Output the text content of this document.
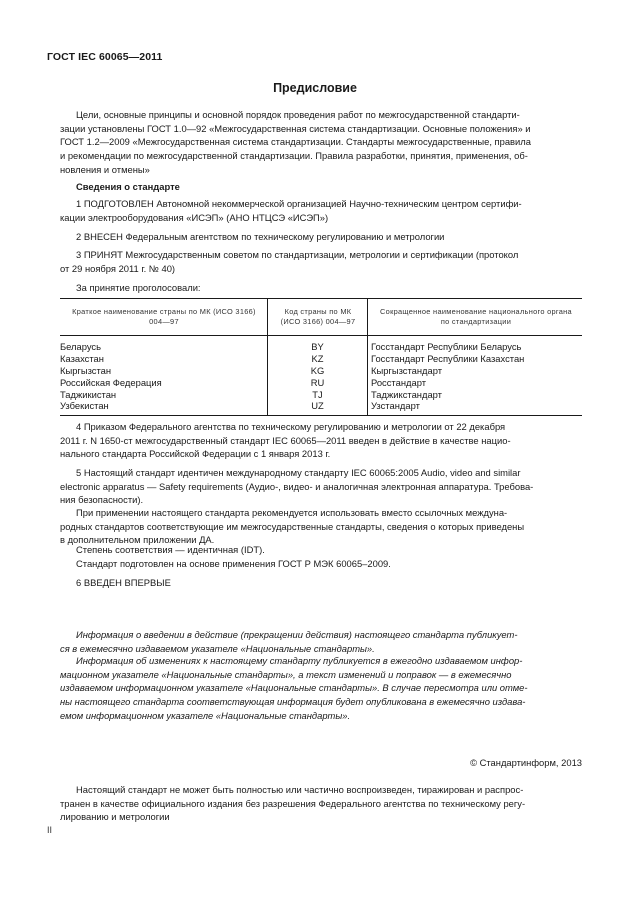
ГОСТ IEC 60065—2011
Предисловие
Цели, основные принципы и основной порядок проведения работ по межгосударственной стандарти-
зации установлены ГОСТ 1.0—92 «Межгосударственная система стандартизации. Основные положения» и
ГОСТ 1.2—2009 «Межгосударственная система стандартизации. Стандарты межгосударственные, правила
и рекомендации по межгосударственной стандартизации. Правила разработки, принятия, применения, об-
новления и отмены»
Сведения о стандарте
1 ПОДГОТОВЛЕН Автономной некоммерческой организацией Научно-техническим центром сертифи-
кации электрооборудования «ИСЭП» (АНО НТЦСЭ «ИСЭП»)
2 ВНЕСЕН Федеральным агентством по техническому регулированию и метрологии
3 ПРИНЯТ Межгосударственным советом по стандартизации, метрологии и сертификации (протокол
от 29 ноября 2011 г. № 40)
За принятие проголосовали:
Краткое наименование страны по МК (ИСО 3166) 004—97
Код страны по МК (ИСО 3166) 004—97
Сокращенное наименование национального органа по стандартизации
Беларусь
Казахстан
Кыргызстан
Российская Федерация
Таджикистан
Узбекистан
BY
KZ
KG
RU
TJ
UZ
Госстандарт Республики Беларусь
Госстандарт Республики Казахстан
Кыргызстандарт
Росстандарт
Таджикстандарт
Узстандарт
4 Приказом Федерального агентства по техническому регулированию и метрологии от 22 декабря
2011 г. N 1650-ст межгосударственный стандарт IEC 60065—2011 введен в действие в качестве нацио-
нального стандарта Российской Федерации с 1 января 2013 г.
5 Настоящий стандарт идентичен международному стандарту IEC 60065:2005 Audio, video and similar
electronic apparatus — Safety requirements (Аудио-, видео- и аналогичная электронная аппаратура. Требова-
ния безопасности).
При применении настоящего стандарта рекомендуется использовать вместо ссылочных междуна-
родных стандартов соответствующие им межгосударственные стандарты, сведения о которых приведены
в дополнительном приложении ДА.
Степень соответствия — идентичная (IDT).
Стандарт подготовлен на основе применения ГОСТ Р МЭК 60065–2009.
6 ВВЕДЕН ВПЕРВЫЕ
Информация о введении в действие (прекращении действия) настоящего стандарта публикует-
ся в ежемесячно издаваемом указателе «Национальные стандарты».
Информация об изменениях к настоящему стандарту публикуется в ежегодно издаваемом инфор-
мационном указателе «Национальные стандарты», а текст изменений и поправок — в ежемесячно
издаваемом информационном указателе «Национальные стандарты». В случае пересмотра или отме-
ны настоящего стандарта соответствующая информация будет опубликована в ежемесячно издава-
емом информационном указателе «Национальные стандарты».
© Стандартинформ, 2013
Настоящий стандарт не может быть полностью или частично воспроизведен, тиражирован и распрос-
транен в качестве официального издания без разрешения Федерального агентства по техническому регу-
лированию и метрологии
II
